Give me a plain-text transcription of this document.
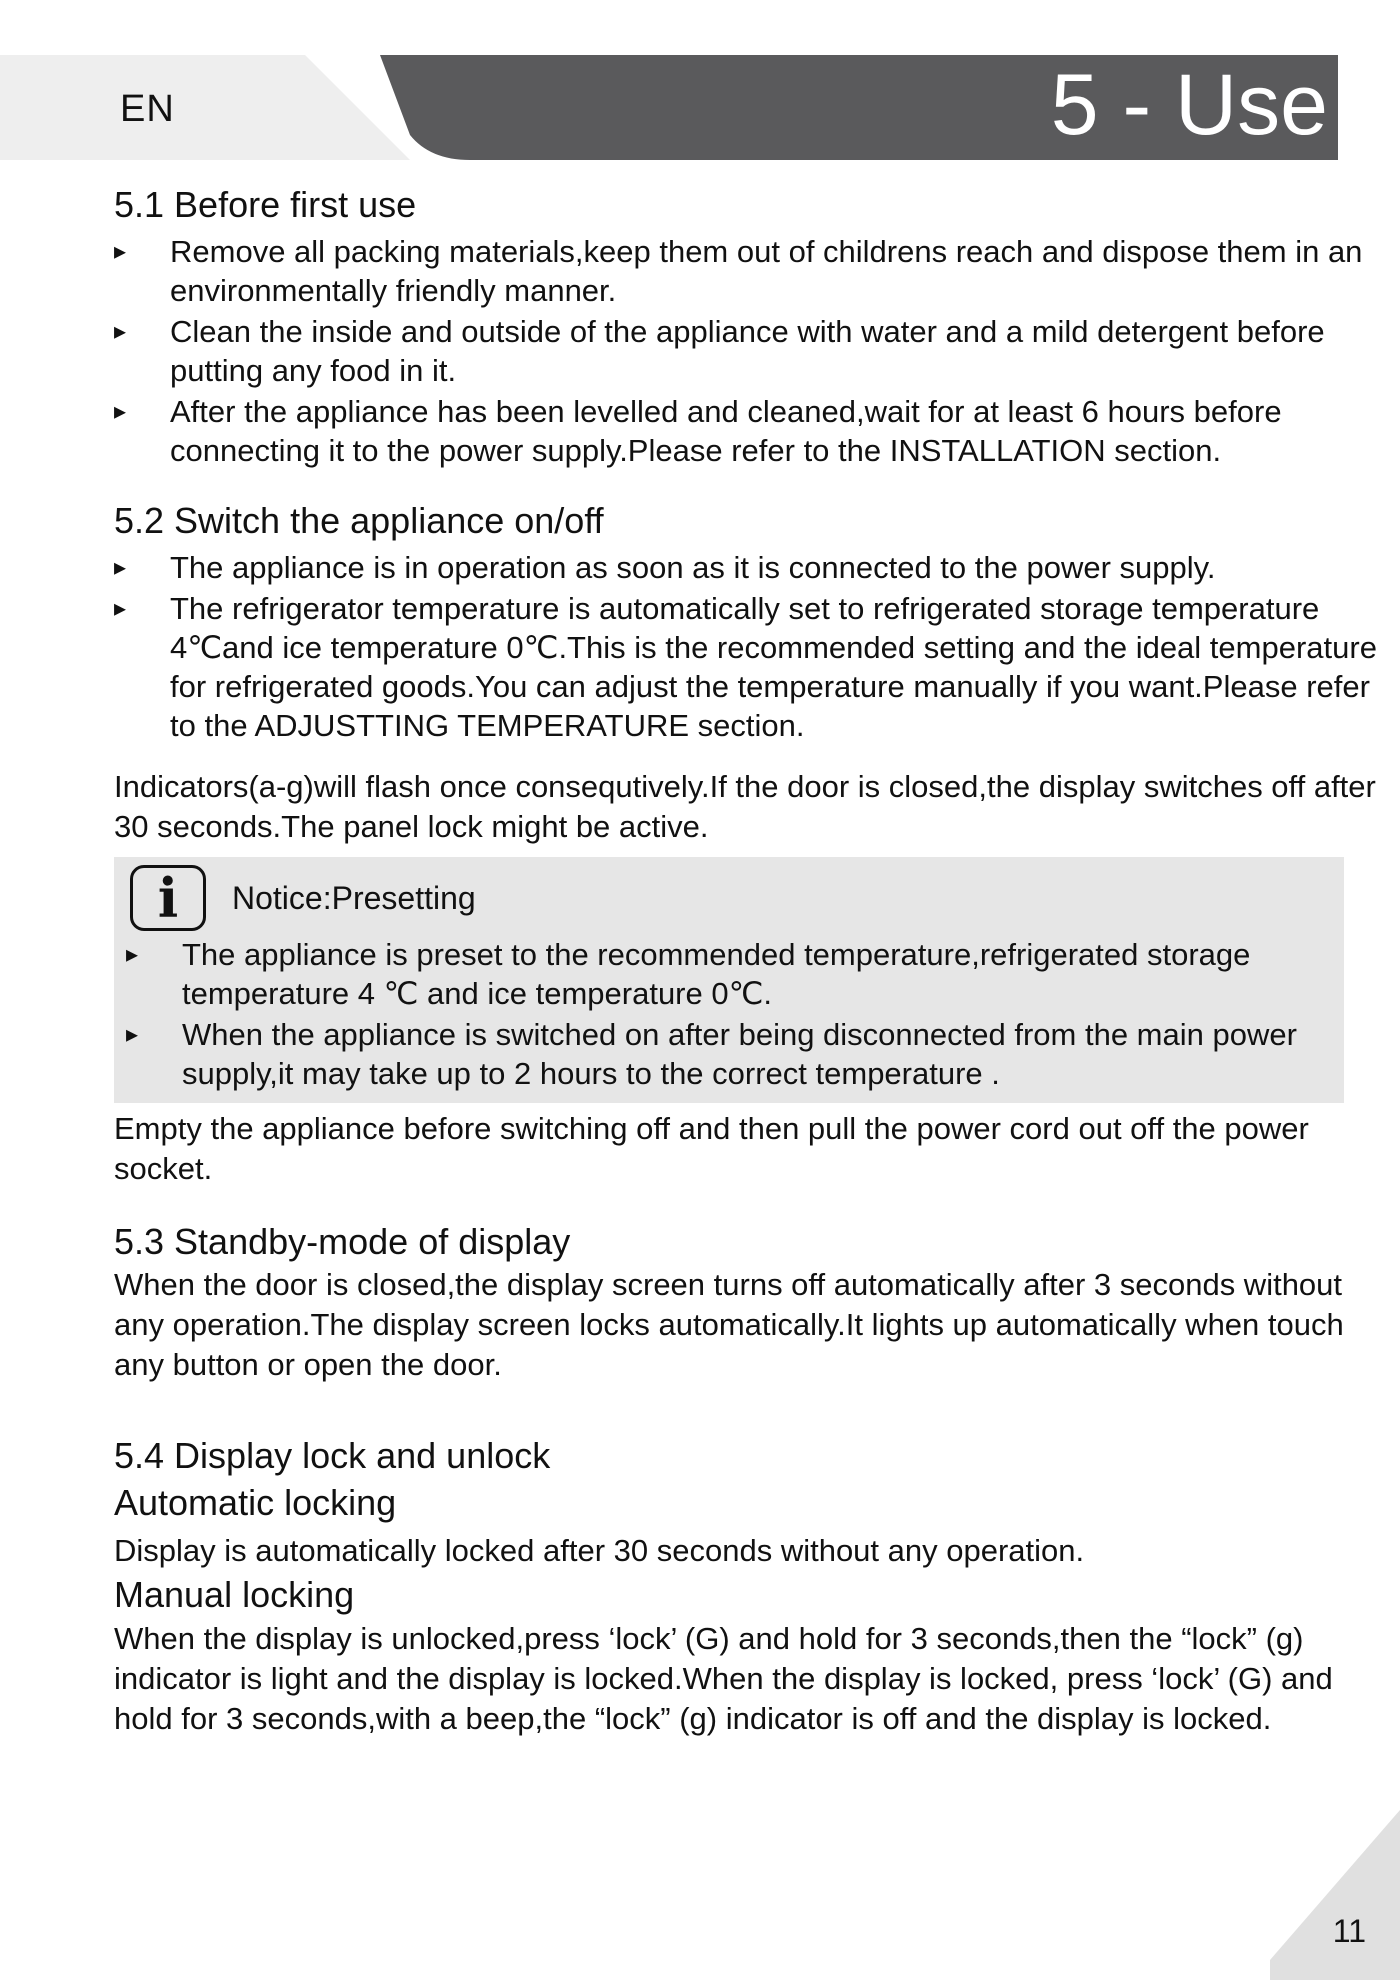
EN	5 - Use
5.1 Before first use
▸ Remove all packing materials,keep them out of childrens reach and dispose them in an environmentally friendly manner.
▸ Clean the inside and outside of the appliance with water and a mild detergent before putting any food in it.
▸ After the appliance has been levelled and cleaned,wait for at least 6 hours before connecting it to the power supply.Please refer to the INSTALLATION section.
5.2 Switch the appliance on/off
▸ The appliance is in operation as soon as it is connected to the power supply.
▸ The refrigerator temperature is automatically set to refrigerated storage temperature 4℃and ice temperature 0℃.This is the recommended setting and the ideal temperature for refrigerated goods.You can adjust the temperature manually if you want.Please refer to the ADJUSTTING TEMPERATURE section.

Indicators(a-g)will flash once consequtively.If the door is closed,the display switches off after 30 seconds.The panel lock might be active.

i Notice:Presetting
▸ The appliance is preset to the recommended temperature,refrigerated storage temperature 4 ℃ and ice temperature 0℃.
▸ When the appliance is switched on after being disconnected from the main power supply,it may take up to 2 hours to the correct temperature .

Empty the appliance before switching off and then pull the power cord out off the power socket.

5.3 Standby-mode of display

When the door is closed,the display screen turns off automatically after 3 seconds without any operation.The display screen locks automatically.It lights up automatically when touch any button or open the door.

5.4 Display lock and unlock
Automatic locking

Display is automatically locked after 30 seconds without any operation.

Manual locking

When the display is unlocked,press ‘lock’ (G) and hold for 3 seconds,then the “lock” (g) indicator is light and the display is locked.When the display is locked, press ‘lock’ (G) and hold for 3 seconds,with a beep,the “lock” (g) indicator is off and the display is locked.

11
